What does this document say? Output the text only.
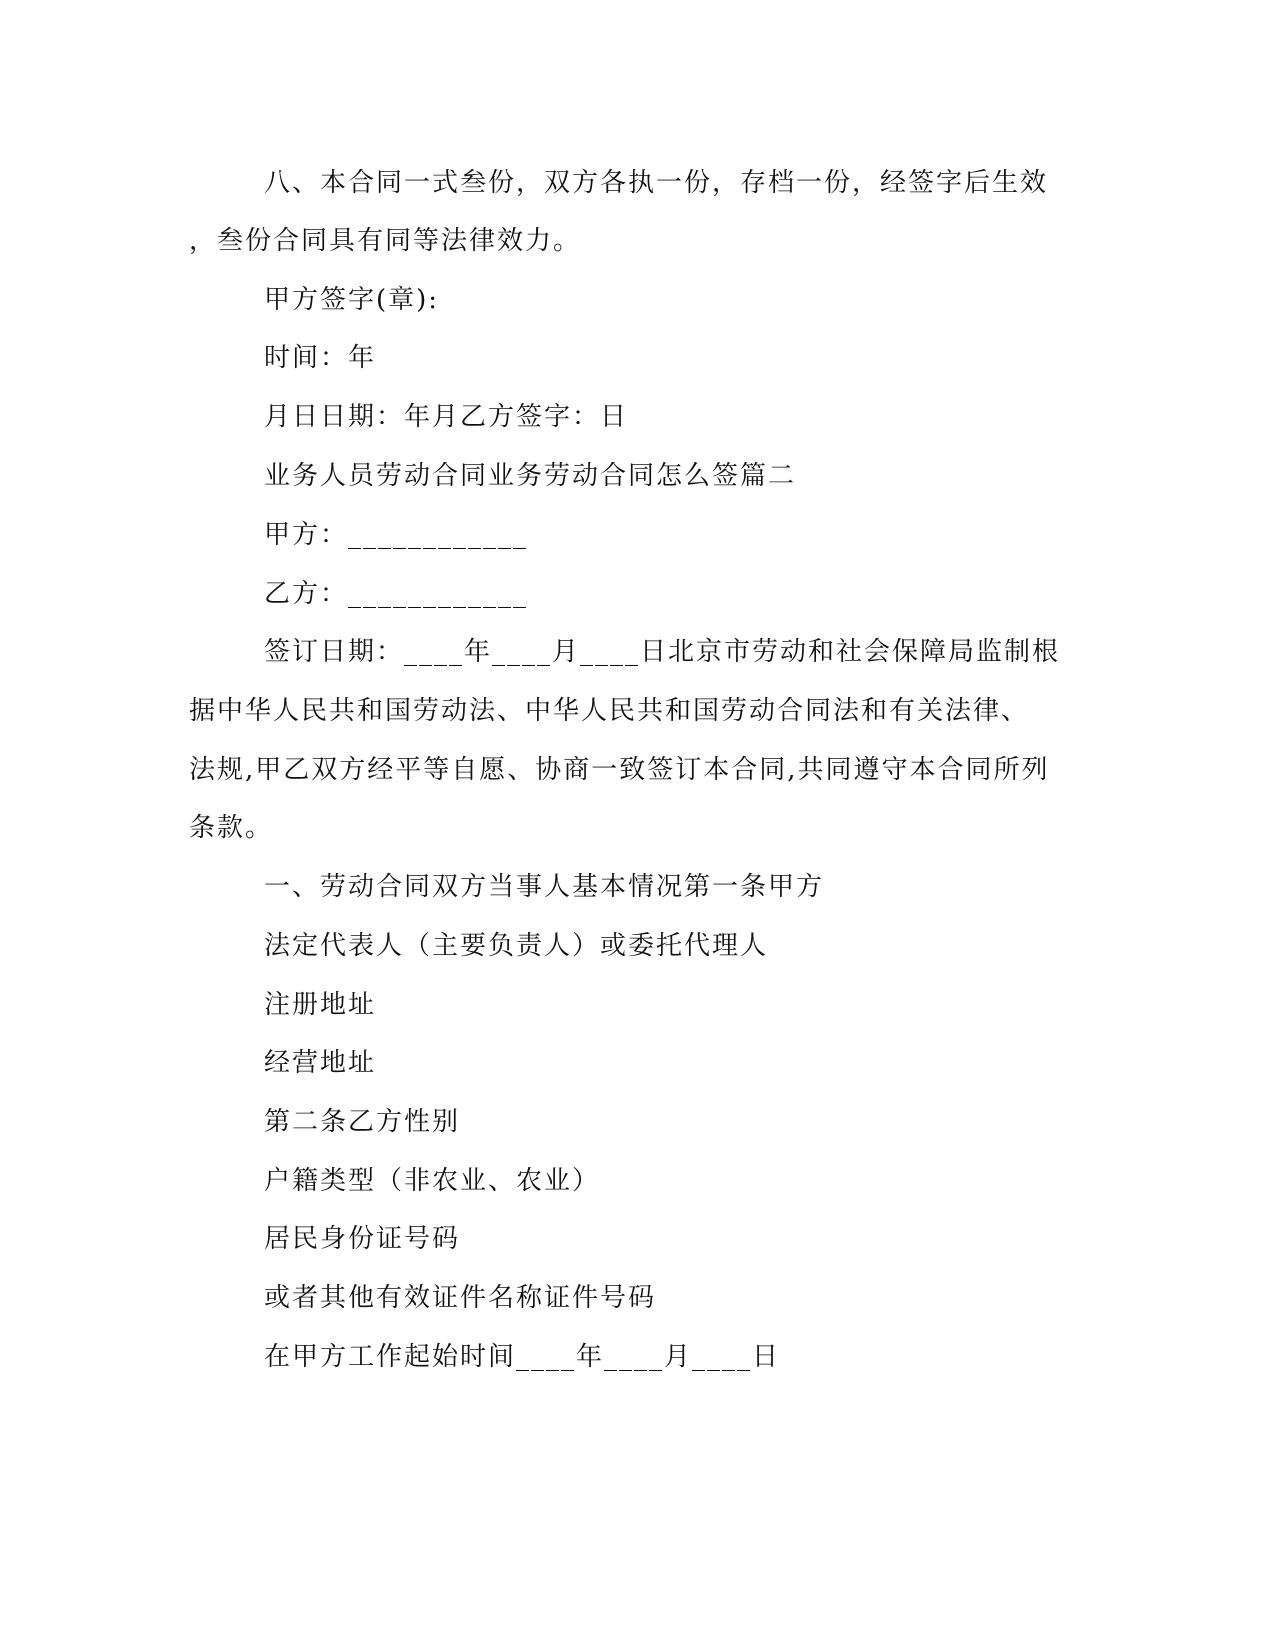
八、本合同一式叁份，双方各执一份，存档一份，经签字后生效
，叁份合同具有同等法律效力。
甲方签字(章):
时间：年
月日日期：年月乙方签字：日
业务人员劳动合同业务劳动合同怎么签篇二
甲方：____________
乙方：____________
签订日期：____年____月____日北京市劳动和社会保障局监制根
据中华人民共和国劳动法、中华人民共和国劳动合同法和有关法律、
法规,甲乙双方经平等自愿、协商一致签订本合同,共同遵守本合同所列
条款。
一、劳动合同双方当事人基本情况第一条甲方
法定代表人（主要负责人）或委托代理人
注册地址
经营地址
第二条乙方性别
户籍类型（非农业、农业）
居民身份证号码
或者其他有效证件名称证件号码
在甲方工作起始时间____年____月____日
